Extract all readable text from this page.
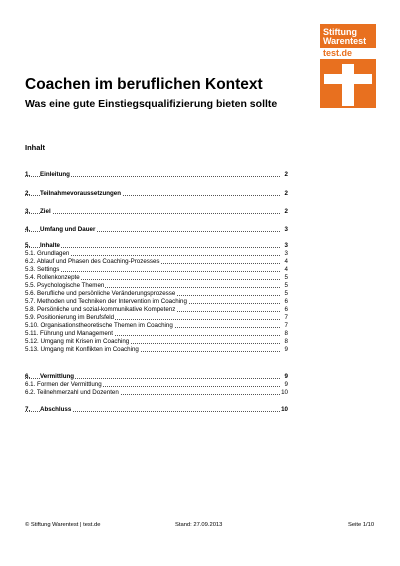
Stiftung
Warentest
test.de
Coachen im beruflichen Kontext
Was eine gute Einstiegsqualifizierung bieten sollte
Inhalt
1. Einleitung	2
2. Teilnahmevoraussetzungen	2
3. Ziel	2
4. Umfang und Dauer	3
5. Inhalte	3
5.1. Grundlagen	3
6.2. Ablauf und Phasen des Coaching-Prozesses	4
5.3. Settings	4
5.4. Rollenkonzepte	5
5.5. Psychologische Themen	5
5.6. Berufliche und persönliche Veränderungsprozesse	5
5.7. Methoden und Techniken der Intervention im Coaching	6
5.8. Persönliche und sozial-kommunikative Kompetenz	6
5.9. Positionierung im Berufsfeld	7
5.10. Organisationstheoretische Themen im Coaching	7
5.11. Führung und Management	8
5.12. Umgang mit Krisen im Coaching	8
5.13. Umgang mit Konflikten im Coaching	9
6. Vermittlung	9
6.1. Formen der Vermittlung	9
6.2. Teilnehmerzahl und Dozenten	10
7. Abschluss	10
© Stiftung Warentest | test.de	Stand: 27.09.2013	Seite 1/10
